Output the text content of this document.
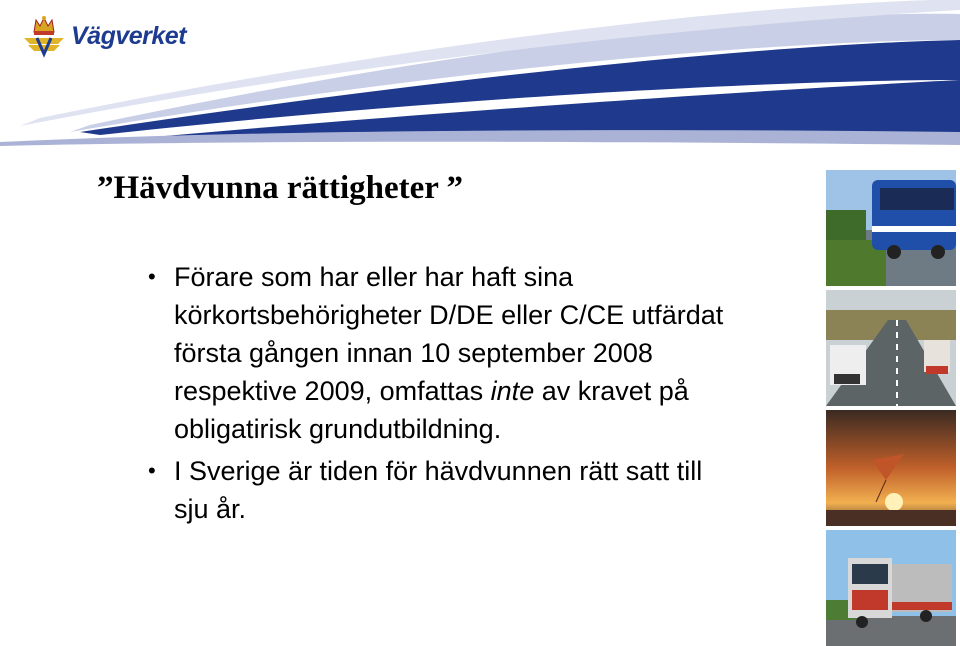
Vägverket
”Hävdvunna rättigheter ”
• Förare som har eller har haft sina körkortsbehörigheter D/DE eller C/CE utfärdat första gången innan 10 september 2008 respektive 2009, omfattas inte av kravet på obligatirisk grundutbildning.
• I Sverige är tiden för hävdvunnen rätt satt till sju år.
